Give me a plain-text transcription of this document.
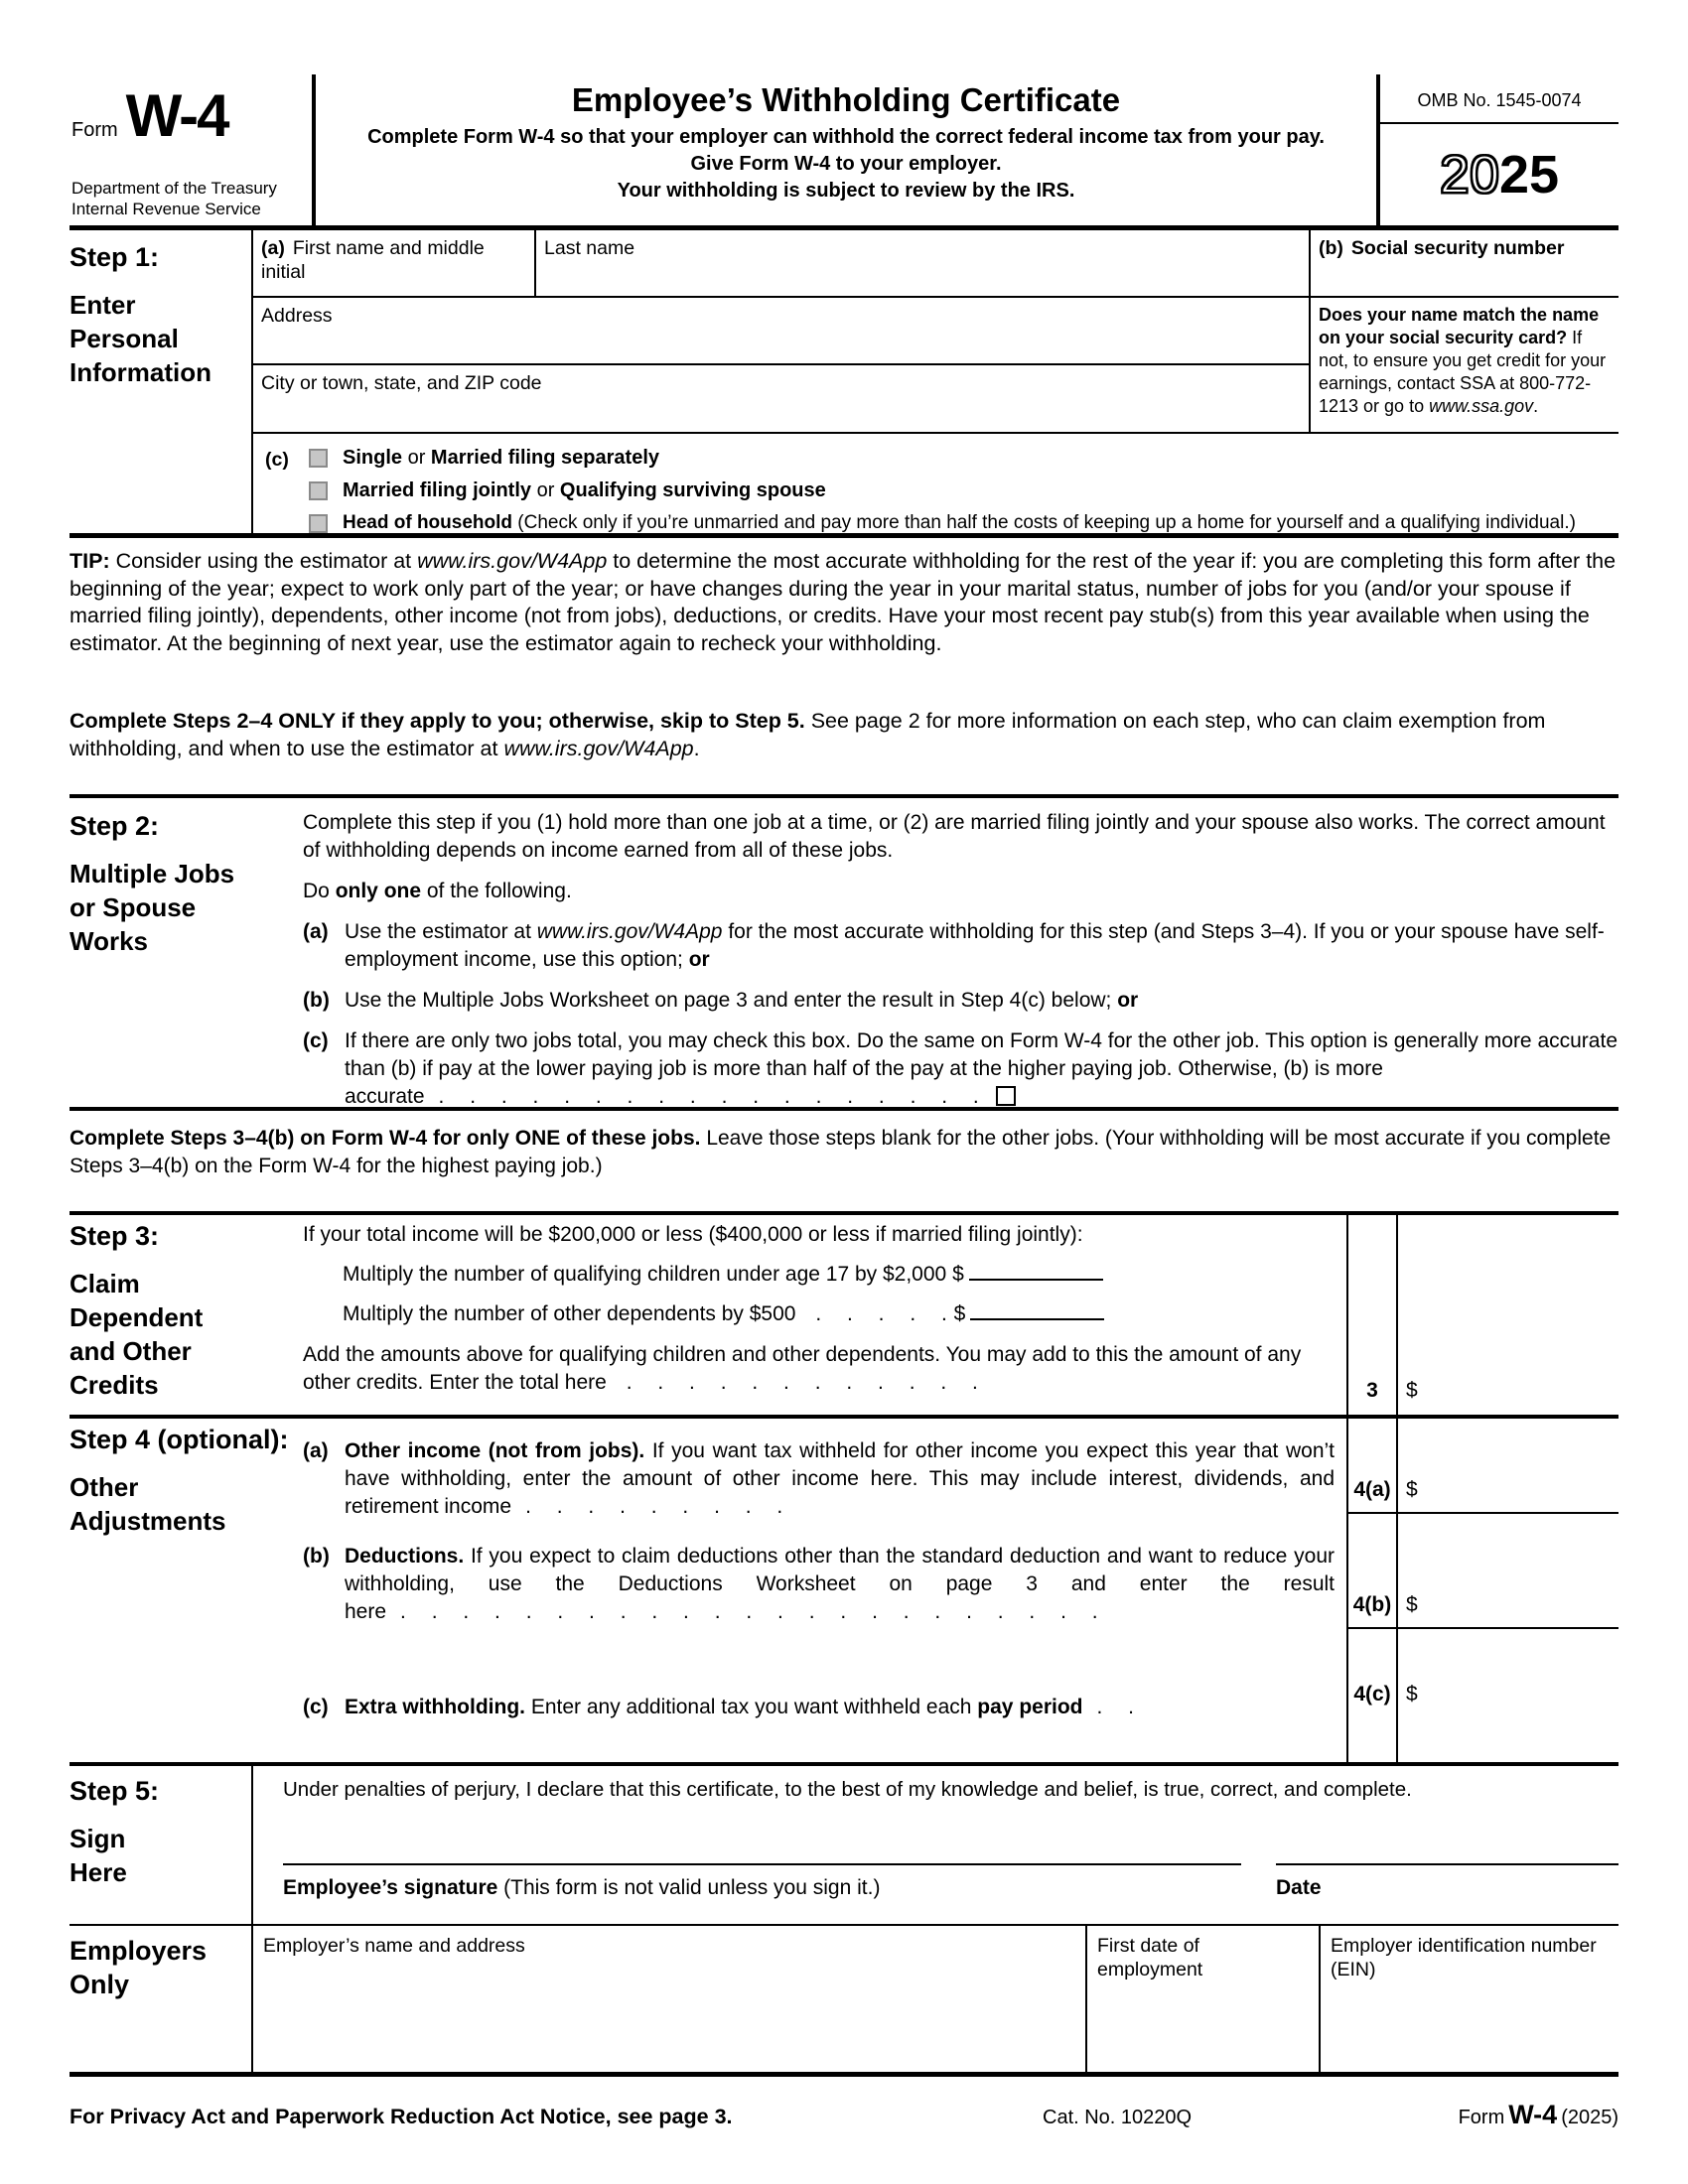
Form W-4
Department of the Treasury
Internal Revenue Service
Employee’s Withholding Certificate
Complete Form W-4 so that your employer can withhold the correct federal income tax from your pay.
Give Form W-4 to your employer.
Your withholding is subject to review by the IRS.
OMB No. 1545-0074
20 25
Step 1:
Enter Personal Information
(a) First name and middle initial
Last name	(b) Social security number
Address	Does your name match the name on your social security card? If not, to ensure you get credit for your earnings, contact SSA at 800-772-1213 or go to www.ssa.gov.
City or town, state, and ZIP code
(c)	Single or Married filing separately
Married filing jointly or Qualifying surviving spouse
Head of household (Check only if you’re unmarried and pay more than half the costs of keeping up a home for yourself and a qualifying individual.)
TIP: Consider using the estimator at www.irs.gov/W4App to determine the most accurate withholding for the rest of the year if: you are completing this form after the beginning of the year; expect to work only part of the year; or have changes during the year in your marital status, number of jobs for you (and/or your spouse if married filing jointly), dependents, other income (not from jobs), deductions, or credits. Have your most recent pay stub(s) from this year available when using the estimator. At the beginning of next year, use the estimator again to recheck your withholding.
Complete Steps 2–4 ONLY if they apply to you; otherwise, skip to Step 5. See page 2 for more information on each step, who can claim exemption from withholding, and when to use the estimator at www.irs.gov/W4App.
Step 2:
Multiple Jobs or Spouse Works
Complete this step if you (1) hold more than one job at a time, or (2) are married filing jointly and your spouse also works. The correct amount of withholding depends on income earned from all of these jobs.
Do only one of the following.
(a) Use the estimator at www.irs.gov/W4App for the most accurate withholding for this step (and Steps 3–4). If you or your spouse have self-employment income, use this option; or
(b) Use the Multiple Jobs Worksheet on page 3 and enter the result in Step 4(c) below; or
(c) If there are only two jobs total, you may check this box. Do the same on Form W-4 for the other job. This option is generally more accurate than (b) if pay at the lower paying job is more than half of the pay at the higher paying job. Otherwise, (b) is more accurate . . . . . . . . . . . . . . . . . .
Complete Steps 3–4(b) on Form W-4 for only ONE of these jobs. Leave those steps blank for the other jobs. (Your withholding will be most accurate if you complete Steps 3–4(b) on the Form W-4 for the highest paying job.)
Step 3:
Claim Dependent and Other Credits
If your total income will be $200,000 or less ($400,000 or less if married filing jointly):
Multiply the number of qualifying children under age 17 by $2,000 $
Multiply the number of other dependents by $500 . . . . . $
Add the amounts above for qualifying children and other dependents. You may add to this the amount of any other credits. Enter the total here . . . . . . . . . . . .	3 $
Step 4 (optional):
Other Adjustments
(a) Other income (not from jobs). If you want tax withheld for other income you expect this year that won’t have withholding, enter the amount of other income here. This may include interest, dividends, and retirement income . . . . . . . . .
4(a) $
(b) Deductions. If you expect to claim deductions other than the standard deduction and want to reduce your withholding, use the Deductions Worksheet on page 3 and enter the result here . . . . . . . . . . . . . . . . . . . . . . .	4(b) $
(c) Extra withholding. Enter any additional tax you want withheld each pay period . .
4(c) $
Step 5:
Sign Here
Under penalties of perjury, I declare that this certificate, to the best of my knowledge and belief, is true, correct, and complete.
Employee’s signature (This form is not valid unless you sign it.)	Date
Employers Only
Employer’s name and address	First date of employment
Employer identification number (EIN)
For Privacy Act and Paperwork Reduction Act Notice, see page 3.	Cat. No. 10220Q	Form W-4 (2025)
